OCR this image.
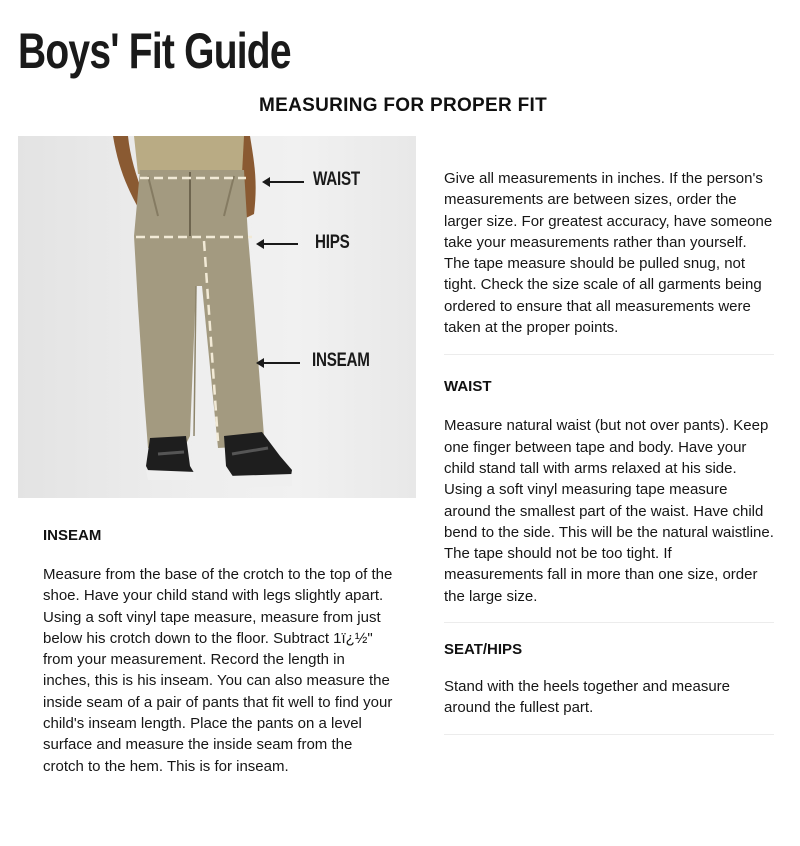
Boys' Fit Guide
MEASURING FOR PROPER FIT
WAIST
HIPS
INSEAM

Give all measurements in inches. If the person's measurements are between sizes, order the larger size. For greatest accuracy, have someone take your measurements rather than yourself. The tape measure should be pulled snug, not tight. Check the size scale of all garments being ordered to ensure that all measurements were taken at the proper points.

WAIST

Measure natural waist (but not over pants). Keep one finger between tape and body. Have your child stand tall with arms relaxed at his side. Using a soft vinyl measuring tape measure around the smallest part of the waist. Have child bend to the side. This will be the natural waistline. The tape should not be too tight. If measurements fall in more than one size, order the large size.

SEAT/HIPS

Stand with the heels together and measure around the fullest part.

INSEAM

Measure from the base of the crotch to the top of the shoe. Have your child stand with legs slightly apart. Using a soft vinyl tape measure, measure from just below his crotch down to the floor. Subtract 1ï¿½" from your measurement. Record the length in inches, this is his inseam. You can also measure the inside seam of a pair of pants that fit well to find your child's inseam length. Place the pants on a level surface and measure the inside seam from the crotch to the hem. This is for inseam.
